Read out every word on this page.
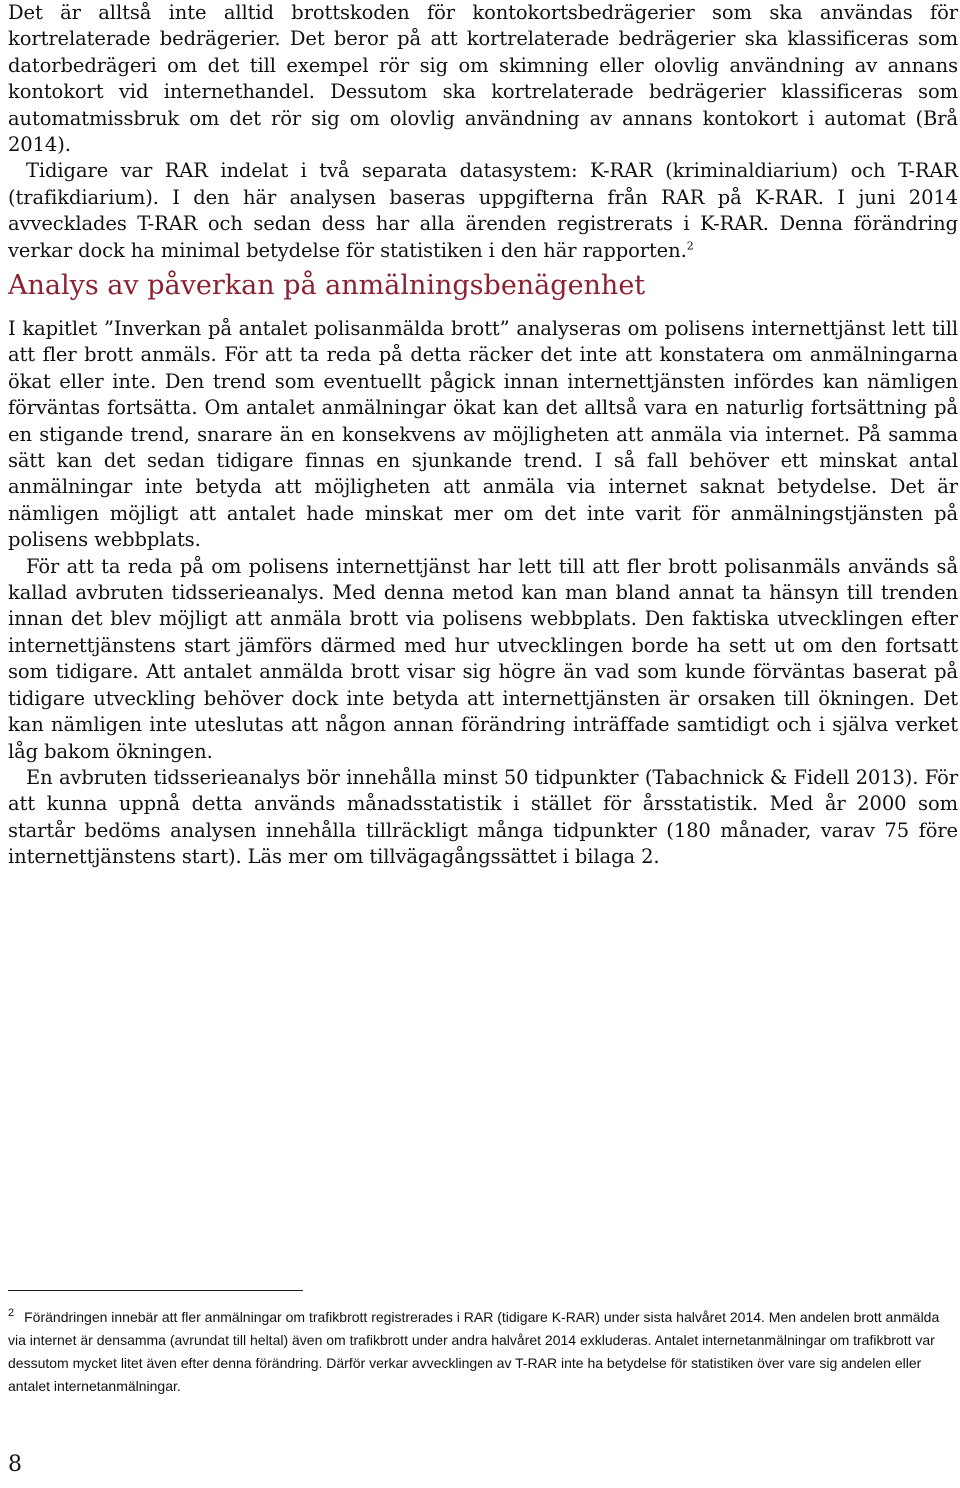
Det är alltså inte alltid brottskoden för kontokortsbedrägerier som ska användas för kortrelaterade bedrägerier. Det beror på att kortrelaterade bedrägerier ska klassificeras som datorbedrägeri om det till exempel rör sig om skimning eller olovlig användning av annans kontokort vid internethandel. Dessutom ska kortrelaterade bedrägerier klassificeras som automatmissbruk om det rör sig om olovlig användning av annans kontokort i automat (Brå 2014).

Tidigare var RAR indelat i två separata datasystem: K-RAR (kriminaldiarium) och T-RAR (trafikdiarium). I den här analysen baseras uppgifterna från RAR på K-RAR. I juni 2014 avvecklades T-RAR och sedan dess har alla ärenden registrerats i K-RAR. Denna förändring verkar dock ha minimal betydelse för statistiken i den här rapporten.$^2$

Analys av påverkan på anmälningsbenägenhet

I kapitlet ”Inverkan på antalet polisanmälda brott” analyseras om polisens internettjänst lett till att fler brott anmäls. För att ta reda på detta räcker det inte att konstatera om anmälningarna ökat eller inte. Den trend som eventuellt pågick innan internettjänsten infördes kan nämligen förväntas fortsätta. Om antalet anmälningar ökat kan det alltså vara en naturlig fortsättning på en stigande trend, snarare än en konsekvens av möjligheten att anmäla via internet. På samma sätt kan det sedan tidigare finnas en sjunkande trend. I så fall behöver ett minskat antal anmälningar inte betyda att möjligheten att anmäla via internet saknat betydelse. Det är nämligen möjligt att antalet hade minskat mer om det inte varit för anmälningstjänsten på polisens webbplats.

För att ta reda på om polisens internettjänst har lett till att fler brott polisanmäls används så kallad avbruten tidsserieanalys. Med denna metod kan man bland annat ta hänsyn till trenden innan det blev möjligt att anmäla brott via polisens webbplats. Den faktiska utvecklingen efter internettjänstens start jämförs därmed med hur utvecklingen borde ha sett ut om den fortsatt som tidigare. Att antalet anmälda brott visar sig högre än vad som kunde förväntas baserat på tidigare utveckling behöver dock inte betyda att internettjänsten är orsaken till ökningen. Det kan nämligen inte uteslutas att någon annan förändring inträffade samtidigt och i själva verket låg bakom ökningen.

En avbruten tidsserieanalys bör innehålla minst 50 tidpunkter (Tabachnick & Fidell 2013). För att kunna uppnå detta används månadsstatistik i stället för årsstatistik. Med år 2000 som startår bedöms analysen innehålla tillräckligt många tidpunkter (180 månader, varav 75 före internettjänstens start). Läs mer om tillvägagångssättet i bilaga 2.

$^2$ Förändringen innebär att fler anmälningar om trafikbrott registrerades i RAR (tidigare K-RAR) under sista halvåret 2014. Men andelen brott anmälda via internet är densamma (avrundat till heltal) även om trafikbrott under andra halvåret 2014 exkluderas. Antalet internetanmälningar om trafikbrott var dessutom mycket litet även efter denna förändring. Därför verkar avvecklingen av T-RAR inte ha betydelse för statistiken över vare sig andelen eller antalet internetanmälningar.

8
